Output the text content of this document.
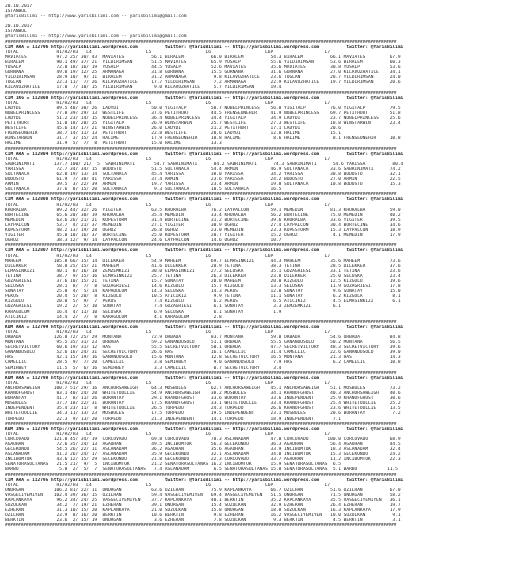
20.10.2017
ISTANBUL
@YarisBilimi -- http://www.yarisbilimi.com -- yarisbilimi@gmail.com
20.10.2017
ISTANBUL
@YarisBilimi -- http://www.yarisbilimi.com -- yarisbilimi@gmail.com
######################################################################################################################################################
CIM ARA = 112796 http://yarisbilimi.wordpress.com          twitter: @YarisBilimi -- http://yarisbilimi.wordpress.com          twitter: @YarisBilimi
TOTAL              H1/H2/H3   L4                    L5                    L6                    L6P                   L7
MAVIATES           97.2 25/ 30/ 43  MAVIATES          56.1 BIRALEM          66.0 BIRALEM          54.3 BIRALEM          66.1 MAVIATES         67.9
BIRALEM            90.1 49/ 37/ 21  YILDIRIMSAN       51.5 MAVIATES         65.9 YUSALP           55.6 YILDIRIMSAN      53.6 BIRALEM          60.3
YUSALP             72.0 18/ 16/ 19  YUSALP            44.5 YUSALP           52.6 MAVIATES         35.6 MAVIATES         30.8 YUSALP           53.6
GURNANA            49.0 19/ 12/ 25  ARMANAGA          31.8 GURNANA          15.5 GURNANA          31.6 GURNANA          27.0 KILAVUZHATICE    34.1
YILDIRIMSAN        28.9 10/  9/ 11  BIRALEM           31.2 ARMANAGA          9.8 KILAVUZHATICE    23.6 TOGLAN           28.7 YILDIRIMSAN      24.0
TOGLAN             22.3 11/  7/ 26  KILAVUZHATICE     17.7 YILDIRIMSAN       7.2 ARMANAGA         22.9 KILAVUZHATICE    19.7 YILDIRIMSAN      20.6
KILAVUZHATICE      17.0  7/ 10/ 15  YILDIRIMSAN        9.0 KILAVUZHATICE     5.7 YILDIRIMSAN      19.4
######################################################################################################################################################
CIM 1KG = 112800 http://yarisbilimi.wordpress.com          twitter: @YarisBilimi -- http://yarisbilimi.wordpress.com          twitter: @YarisBilimi
TOTAL              H1/H2/H3   L4                    L5                    L6                    L6P                   L7
LADYDI             89.5 40/ 30/ 26  LADYDI            50.0 YIGITALP         58.7 NOBELPRINCESS    56.8 YIGITALP         76.0 YIGITALP         79.5
NOBELPRINCESS      77.8 39/ 29/ 13  WESTLIFE          37.6 PETITHURT        44.5 FRENSEONEHIR     41.9 NOBELPRINCESS    69.7 PETITHURT        51.8
LADYDI             51.2 23/ 14/ 15  NOBELPRINCESS     36.4 NOBELPRINCESS    34.4 YIGITALP         34.9 LADYDI           23.7 NOBELPRINCESS    25.6
PETITHURT          51.0 18/ 20/ 25  YIGITALP          26.9 WINSTARWIN       25.7 WESTLIFE         27.3 WESTLIFE         18.8 WINSTARWIN       23.4
WESTLIFE           45.6 14/ 17/ 21  WINSTARWIN        26.0 LADYDI           21.2 PETITHURT        17.1 LADYDI           20.6
FRENSEONEHIR       38.7 14/ 11/ 13  PETITHURT         22.8 WESTLIFE         20.6 LADYDI           12.8 HALIME           15.1
WINSTARWIN         31.7  3/ 15/ 24  HALIME            17.9 FRENSEONEHIR     18.8 HALIME            8.6 HALIME            8.1 FRENSEONEHIR     10.8
HALIME             31.9  5/  7/  8  PETITHURT         15.0 HALIME           13.3
######################################################################################################################################################
CIM ARA = 112804 http://yarisbilimi.wordpress.com          twitter: @YarisBilimi -- http://yarisbilimi.wordpress.com          twitter: @YarisBilimi
TOTAL              H1/H2/H3   L4                    L5                    L6                    L6P                   L7
SABRINIMATI       137.7 100/ 21/  5  SABRINIMATI       54.7 SABRINIMATI      84.2 SABRINIMATI      74.3 SABRINIMATI      54.6 YARISSA          80.4
YARISSA            72.7 34/ 34/ 15  BODOSTO           51.5 SULTANACA        54.4 ARMIN            46.9 SULTANACA        33.6 SABRINIMATI      74.2
SULTANACA          62.0 19/ 13/ 14  SULTANACA         45.4 YARISSA          38.0 YARISSA          34.2 YARISSA          30.8 BODOSTO          32.1
BODOSTO            61.9  7/ 38/ 41  YARISSA           37.4 ARMIN            23.6 YARISSA          24.2 BODOSTO          27.0 ARMIN            22.5
ARMIN              39.5  3/ 22/ 39  ARMIN             19.7 YARISSA          23.4 ARMIN            19.8 SULTANACA        10.8 BODOSTO          15.3
SULTANACA          37.6  8/ 15/ 20  SULTANACA          9.3 SULTANACA        10.5 SULTANACA        16.5
######################################################################################################################################################
CIM ARA = 112808 http://yarisbilimi.wordpress.com          twitter: @YarisBilimi -- http://yarisbilimi.wordpress.com          twitter: @YarisBilimi
TOTAL              H1/H2/H3   L4                    L5                    L6                    L6P                   L7
KHORALBA           89.2 44/ 32/ 26  YIGITER           63.5 KHORALBA         76.2 LAYPALCON        59.1 MEMEDIN          81.3 KHORALBA         59.0
BORTECINE          65.6 20/ 30/ 19  KHORALBA          35.4 MEMEDIN          33.4 KHORALBA         56.2 BORTECINE        75.0 MEMEDIN          40.2
MEMEDIN            63.6 26/ 21/ 21  KOPESTORM         31.4 BORTECINE        31.2 BORTECINE        39.6 KHORALBA         33.6 YIGITER          39.5
LAYPALCON          53.7  4/ 21/ 37  MEMEDIN           27.1 YIGITER          30.9 OGHUZ            27.4 LAYPALCON        30.4 BORTECINE        34.6
KOPESTORM          48.2 13/ 19/ 28  OGHUZ             26.8 OGHUZ            23.0 MEMEDIN          23.3 KOPESTORM        15.3 LAYPALCON        18.9
YIGITER            45.0 10/ 16/ 37  BORTECINE         25.0 KOPESTORM        20.7 YIGITER          15.2 OGHUZ             4.1 MEMEDIN          17.9
OGHUZ              38.3 12/  9/ 14  LAYPALCON         24.6 LAYPALCON        14.6 OGHUZ            10.7
######################################################################################################################################################
CIM ARA = 112807 http://yarisbilimi.wordpress.com          twitter: @YarisBilimi -- http://yarisbilimi.wordpress.com          twitter: @YarisBilimi
TOTAL              H1/H2/H3   L4                    L5                    L6                    L6P                   L7
MAHEEM            105.8 66/ 15/ 14  DILEKKER          54.9 MAHEEM           69.7 ELMASINKIZI      44.3 MAHEEM           35.6 MAHEEM           73.6
DILEKKER           58.8 25/ 15/ 21  MAHEEM            41.6 DILEKKER         28.9 TETINA           38.3 TETINA           28.5 DILEKKER         37.6
ELMASINKIZI        40.1  8/ 16/ 18  ZEMZEMKIZI        30.0 ELMASINKIZI      27.2 SELUSKA          35.1 GOZAGRIESI       33.1 TETINA           23.6
TETINA             38.7  9/ 15/ 16  ELMASINKIZI       25.7 TETINA           26.3 DILEKKER         23.8 DILEKKER         25.0 SELUSKA          23.4
GOZAGRIESI         37.6 10/ 15/ 21  TETINA            15.7 SUNATAY          20.0 MAHEEM           20.0 KIZGULU          12.5 KIZGULU          19.6
SELUSKA            28.1  8/  7/  8  GOZAGRIESI        14.6 KIZGULU          15.7 KIZGULU          13.3 SELUSKA          11.9 GOZAGRIESI       17.8
SUNATAY            25.0  4/  5/ 14  KAPADULUM         14.3 SELUSKA          14.3 PEKUS            12.0 SUNATAY           9.6 SUNATAY          15.0
PEKUS              20.4  5/ 20/  8  KIZGULU           10.5 ATICIKIZ          9.9 TETINA           11.1 SUNATAY           6.2 KIZGULA           8.1
KIZGULU            20.0  5/  9/  7  PEKUS              7.4 KIZGULU           6.2 PEKUS             6.5 ATICIKIZ          4.5 ELMASINKIZI       6.1
GOZAGRIESI         19.2  2/  5/ 10  SUNATAY            7.4 GOZAGRIESI        6.1 SUNATAY           3.3 ZEMZEMKIZI        6.1
KARAGULUM          16.4  4/ 11/ 10  SELUSKA            6.9 SELUSKA           6.1 SUNATAY           1.9
ATICIKIZ           14.4  2/  7/  8  KARAGULUM          4.1 KARAGULUM         2.8
######################################################################################################################################################
KUM ARA = 112799 http://yarisbilimi.wordpress.com          twitter: @YarisBilimi -- http://yarisbilimi.wordpress.com          twitter: @YarisBilimi
TOTAL              H1/H2/H3   L4                    L5                    L6                    L6P                   L7
ORBADA            126.8 72/ 25/ 29  MONTANA           72.9 ORBADA           83.7 MONTANA          59.0 ORBADA           54.6 ORBADA           84.8
MONTANA            95.5 35/ 31/ 23  ORBADA            59.2 GANANDOSOLO      51.1 ORBADA           55.5 GANANDOSOLO      50.2 MONTANA          56.5
SECRETVICTORY      60.6 19/ 31/ 12  HAS               55.5 SECRETVICTORY    50.1 ORBADA           47.7 SECRETVICTORY    48.3 SECRETVICTORY    39.6
GANANDOSOLO        52.6 16/ 24/ 31  SECRETVICTORY     26.6 HAS              16.1 CAMELLIC         31.4 CAMELLIC         22.6 GANANDOSOLO      39.0
HAS                42.1 15/ 19/ 16  GANANDOSOLO       15.6 MONTANA          12.8 SECRETVICTORY    16.5 MONTANA          21.3 HAS              14.3
CAMELLIC           28.5  9/  7/ 20  CAMELLIC           3.8 SEMIHBEY          9.0 GANANDOSOLO       7.9 HAS               6.2 CAMELLIC         10.8
SEMIHBEY           11.5  5/  6/ 16  SEMIHBEY           3.3 CAMELLIC          0.7 SECRETVICTORY     3.4
######################################################################################################################################################
KUM ARA = 112798 http://yarisbilimi.wordpress.com          twitter: @YarisBilimi -- http://yarisbilimi.wordpress.com          twitter: @YarisBilimi
TOTAL              H1/H2/H3   L4                    L5                    L6                    L6P                   L7
ANCHORSAWEIGH     100.7 51/ 29/ 16  ANCHORSAWEIGH     64.3 MOSBULES         62.7 ANCHORSAWEIGH    45.1 ANCHORSAWEIGH    51.1 MOSBULES         73.2
KHANOFGHOST        83.1 40/ 24/ 20  WHITETOOLLIE      54.9 ANCHORSAWEIGH    38.2 MOSBULES         34.1 KHANOFGHOST      40.3 ANCHORSAWEIGH    40.6
BORANTAY           41.7  8/ 11/ 26  BORANTAY          29.1 KHANOFGHOST      33.6 BORANTAY         33.6 INDEPENDENT      25.9 KHANOFGHOST      30.6
MOSBULES           37.7 18/ 22/ 31  BORANTAY          17.5 KHANOFGHOST      33.1 WHITETOOLLIE     33.4 KHANOFGHOST      25.4 WHITETOOLLIE     25.2
INDEPENDENT        35.4 23/ 11/  8  WHITETOOLLIE      26.5 TORPEDO          24.3 TORPEDO          26.6 KHANOFGHOST      23.6 WHITETOOLLIE     13.5
WHITETOOLLIE       34.3 11/ 13/ 23  MOSBULES          17.5 TORPEDO          19.5 INDEPENDENT      23.1 MOSBULES         20.6 BORANTAY          7.2
TORPEDO            22.3  9/ 13/ 20  TORPEDO           21.3 INDEPENDENT      14.1 TORPEDO          18.9 INDEPENDENT       7.1
######################################################################################################################################################
KUM ING = 112796 http://yarisbilimi.wordpress.com          twitter: @YarisBilimi -- http://yarisbilimi.wordpress.com          twitter: @YarisBilimi
TOTAL              H1/H2/H3   L4                    L5                    L6                    L6P                   L7
CORCOVADO         121.0 45/ 34/ 19  CORCOVADO         69.8 CORCOVADO        78.3 ASLANADAM        47.0 CORCOVADO       100.0 CORCOVADO        68.9
AGAOHAN            72.6 35/ 24/ 13  AGAOHAN           49.5 INCIBOMTOK       56.3 GECEKONDU        36.3 AGAOHAN          56.4 AGAOHAN          44.5
GECEKONDU          54.5 26/ 22/ 11  ASLANADAM         36.2 AGAOHAN          35.6 AGAOHAN          33.9 INCIBOMTOK       18.3 ASLANADAM        32.4
ASLANADAM          41.2 26/ 24/ 17  ASLANADAM         35.9 GECEKONDU        32.1 ASLANADAM        34.0 INCIBOMTOK       15.3 GECEKONDU        24.2
INCIBOMTOK         43.6 12/ 15/ 29  GECEKONDU         21.8 GECEKONDU        22.3 CORCOVADO        33.7 AGAOHAN          11.2 INCIBOMTOK       22.3
SENATORASULTANAS   21.5 21/  9/  5  INCIBOMTOK        21.2 SENATORASULTANAS 16.2 INCIBOMTOK       15.9 SENATORASULTANAS  6.5
BARBO               5.8  2/  5/  7  SENATORASULTANAS   7.4 ASLANADAM         6.5 SENATORASULTANAS 15.8 SENATORASULTANAS  5.1 BARBO           11.5
######################################################################################################################################################
CIM ARA = 112795 http://yarisbilimi.wordpress.com          twitter: @YarisBilimi -- http://yarisbilimi.wordpress.com          twitter: @YarisBilimi
TOTAL              H1/H2/H3   L4                    L5                    L6                    L6P                   L7
ONURGAN           106.2 81/ 22/ 11  ONURGAN           63.6 OZILHAN          75.9 KAPLANKAYA       66.7 OZILHAN          51.6 OZILHAN          67.0
VASGECIYEMIYEN    102.4 39/ 36/ 15  OZILHAN           59.4 VASGECIYEMIYEN   69.4 VASGECIYEMIYEN   51.5 ONURGAN          71.5 ONURGAN          58.2
KAPLANKAYA         96.2 34/ 24/ 25  VASGECIYEMIYEN    37.7 KAPLANKAYA       40.1 BERKTIN          35.2 KAPLANKAYA       35.5 VASGECIYEMIYEN   36.1
SUZULKAN           34.2  7/ 19/ 21  EZHERAN           39.1 ONURGAN          15.4 SUZULKAN         32.9 EZHERAN          26.4 EZHERAN          19.7
EZHERAN            31.3 10/ 15/ 20  KAPLANKAYA        21.0 SUZULKAN         15.8 ONURGAN          18.8 SUZULKAN         16.3 KAPLANKAYA       17.9
OZILHAN            23.9  8/ 16/ 20  BERKTIN           10.6 BERKTIN           9.8 EZHERAN          16.2 VASGECIYEMIYEN   10.0 SUZULKAN          9.1
BERKTIN            23.6  2/ 15/ 19  ONURGAN            3.6 EZHERAN           7.8 SUZULKAN          9.3 BERKTIN           4.5 BERKTIN           3.1
######################################################################################################################################################
